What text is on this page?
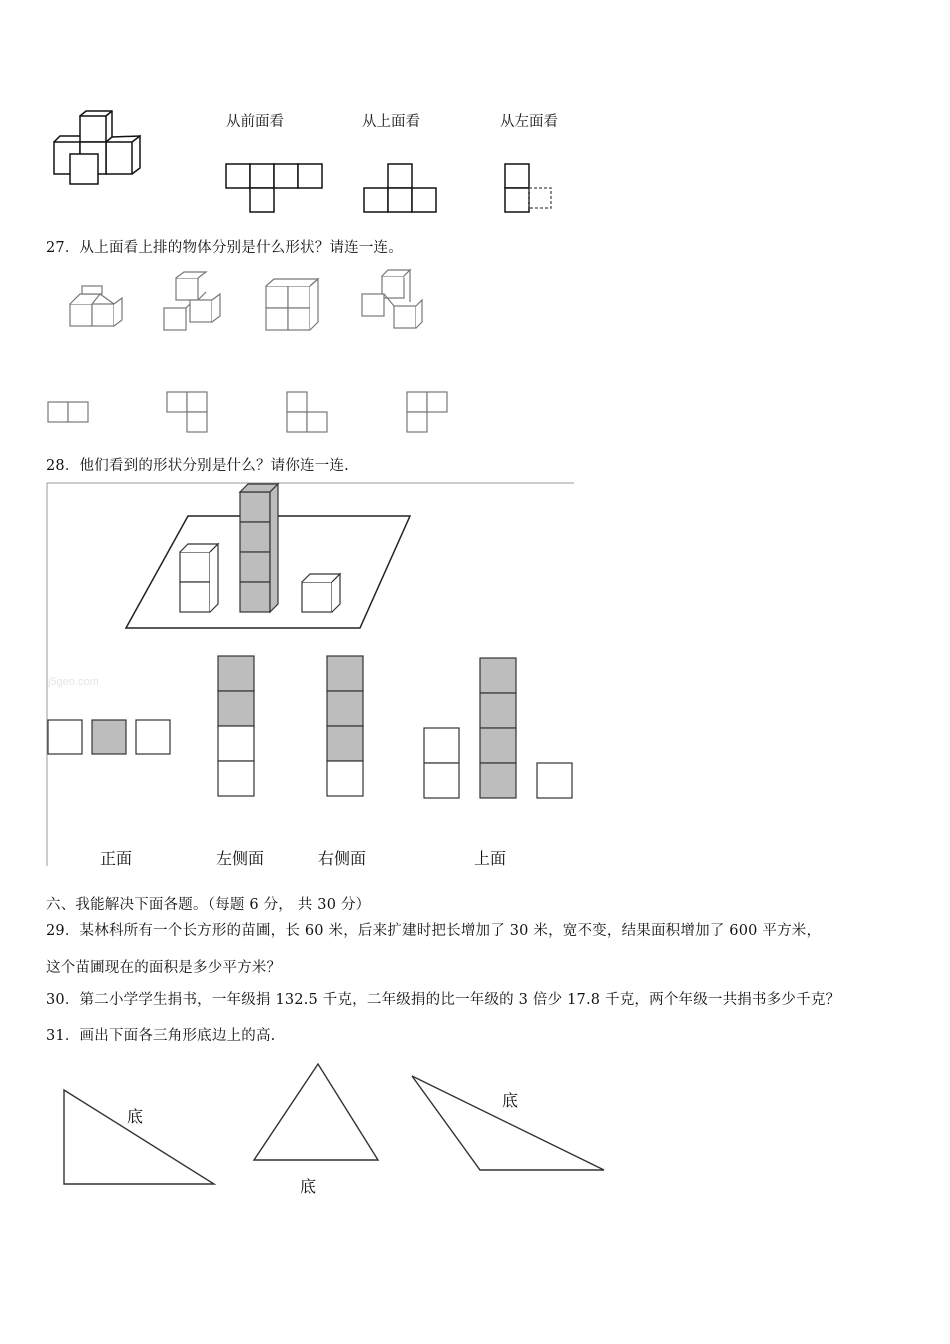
从前面看	从上面看	从左面看
27．从上面看上排的物体分别是什么形状？请连一连。
28．他们看到的形状分别是什么？请你连一连.
j5geo.com
正面	左侧面	右侧面	上面
六、我能解决下面各题。（每题 6 分， 共 30 分）
29．某林科所有一个长方形的苗圃，长 60 米，后来扩建时把长增加了 30 米，宽不变，结果面积增加了 600 平方米，
这个苗圃现在的面积是多少平方米？
30．第二小学学生捐书，一年级捐 132.5 千克，二年级捐的比一年级的 3 倍少 17.8 千克，两个年级一共捐书多少千克？
31．画出下面各三角形底边上的高.
底
底
底
